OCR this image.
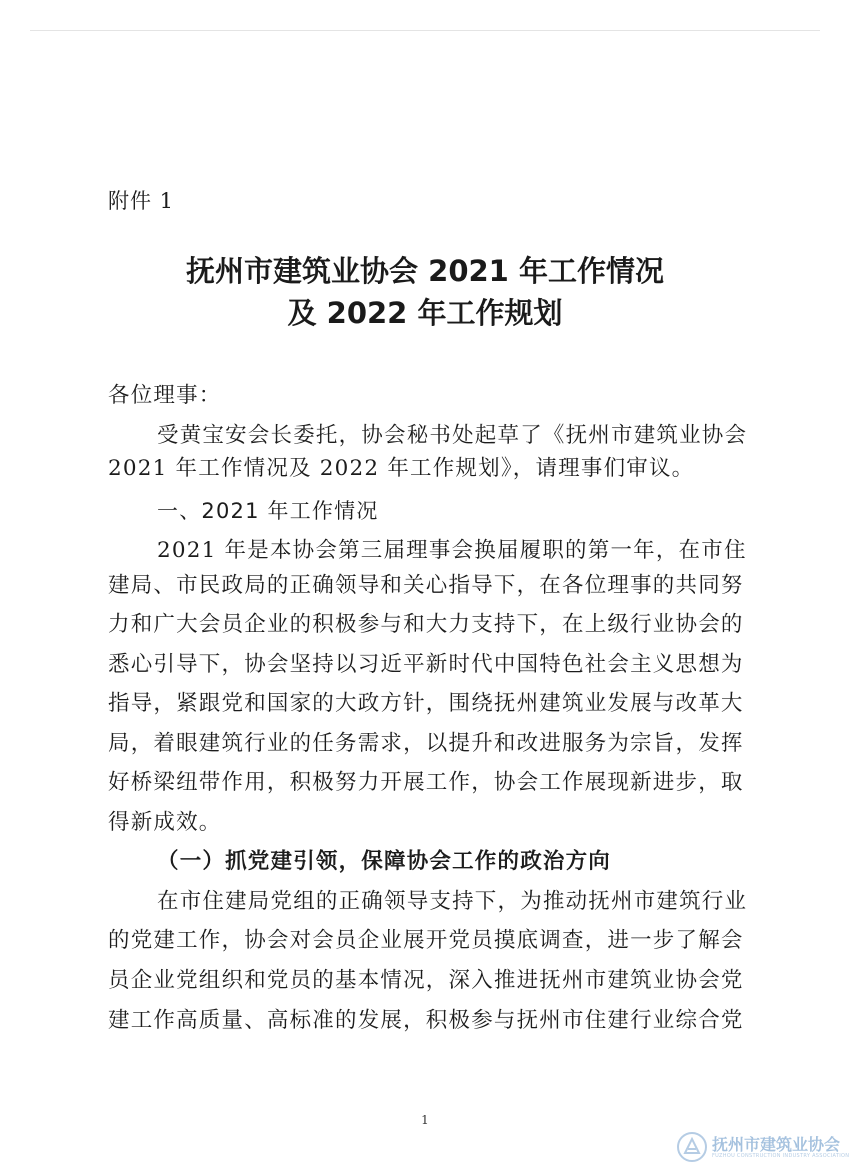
附件 1
抚州市建筑业协会 2021 年工作情况
及 2022 年工作规划
各位理事：
受黄宝安会长委托，协会秘书处起草了《抚州市建筑业协会
2021 年工作情况及 2022 年工作规划》，请理事们审议。
一、2021 年工作情况
2021 年是本协会第三届理事会换届履职的第一年，在市住
建局、市民政局的正确领导和关心指导下，在各位理事的共同努
力和广大会员企业的积极参与和大力支持下，在上级行业协会的
悉心引导下，协会坚持以习近平新时代中国特色社会主义思想为
指导，紧跟党和国家的大政方针，围绕抚州建筑业发展与改革大
局，着眼建筑行业的任务需求，以提升和改进服务为宗旨，发挥
好桥梁纽带作用，积极努力开展工作，协会工作展现新进步，取
得新成效。
（一）抓党建引领，保障协会工作的政治方向
在市住建局党组的正确领导支持下，为推动抚州市建筑行业
的党建工作，协会对会员企业展开党员摸底调查，进一步了解会
员企业党组织和党员的基本情况，深入推进抚州市建筑业协会党
建工作高质量、高标准的发展，积极参与抚州市住建行业综合党
1
抚州市建筑业协会
FUZHOU CONSTRUCTION INDUSTRY ASSOCIATION
